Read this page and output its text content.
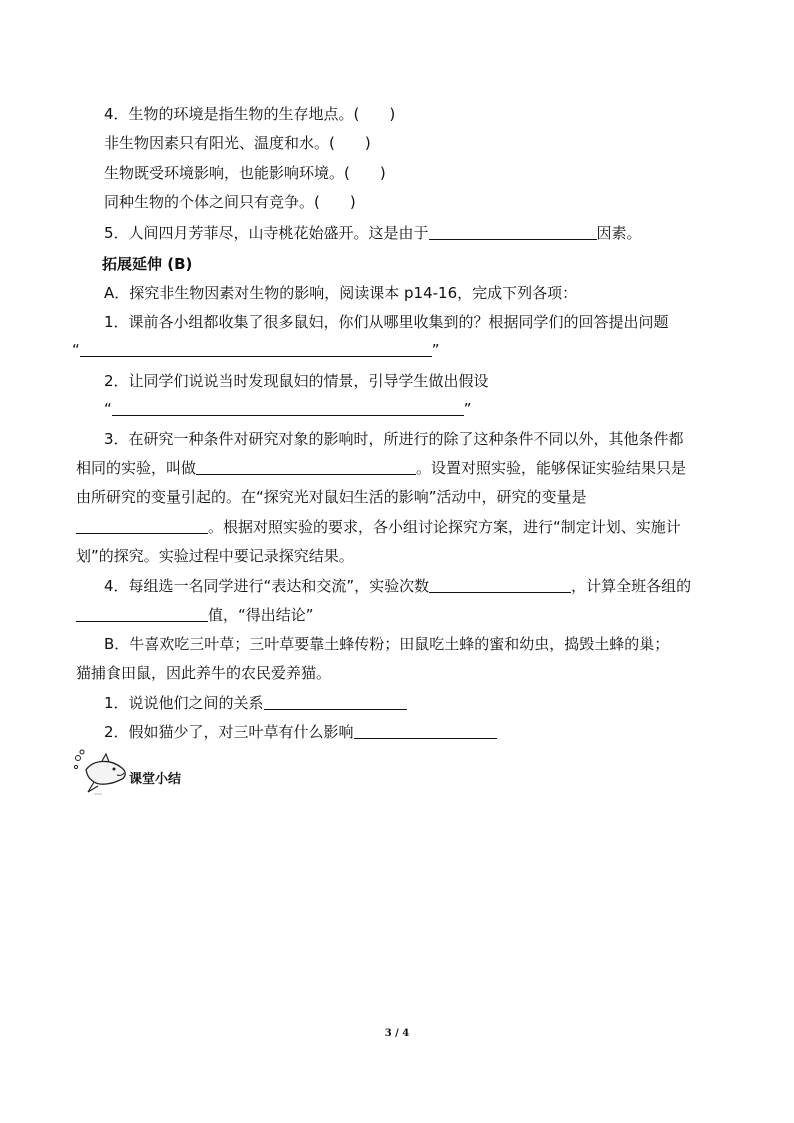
4．生物的环境是指生物的生存地点。(　　)
非生物因素只有阳光、温度和水。(　　)
生物既受环境影响，也能影响环境。(　　)
同种生物的个体之间只有竞争。(　　)
5．人间四月芳菲尽，山寺桃花始盛开。这是由于	因素。
拓展延伸 (B)
A．探究非生物因素对生物的影响，阅读课本 p14-16，完成下列各项：
1．课前各小组都收集了很多鼠妇，你们从哪里收集到的？根据同学们的回答提出问题
“	”
2．让同学们说说当时发现鼠妇的情景，引导学生做出假设
“	”
3．在研究一种条件对研究对象的影响时，所进行的除了这种条件不同以外，其他条件都
相同的实验，叫做	。设置对照实验，能够保证实验结果只是
由所研究的变量引起的。在“探究光对鼠妇生活的影响”活动中，研究的变量是
。根据对照实验的要求，各小组讨论探究方案，进行“制定计划、实施计
划”的探究。实验过程中要记录探究结果。
4．每组选一名同学进行“表达和交流”，实验次数	，计算全班各组的
值，“得出结论”
B．牛喜欢吃三叶草；三叶草要靠土蜂传粉；田鼠吃土蜂的蜜和幼虫，捣毁土蜂的巢；
猫捕食田鼠，因此养牛的农民爱养猫。
1．说说他们之间的关系
2．假如猫少了，对三叶草有什么影响
课堂小结
3 / 4
